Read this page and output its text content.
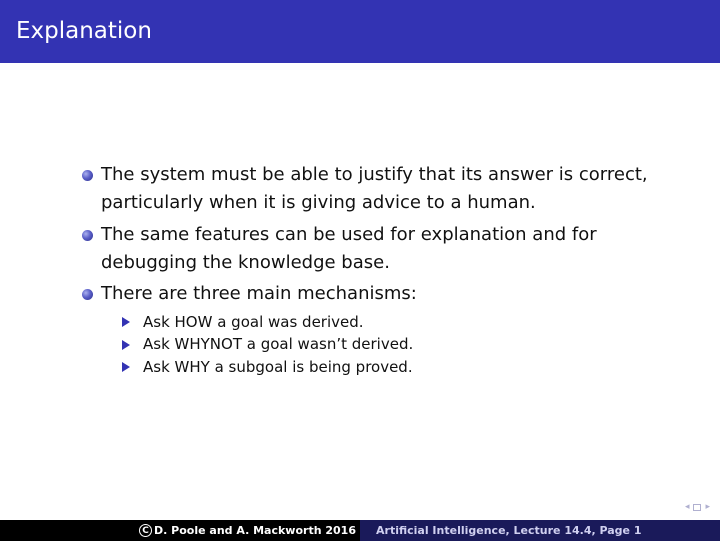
Explanation
The system must be able to justify that its answer is correct,
particularly when it is giving advice to a human.
The same features can be used for explanation and for
debugging the knowledge base.
There are three main mechanisms:
Ask HOW a goal was derived.
Ask WHYNOT a goal wasn’t derived.
Ask WHY a subgoal is being proved.
◂ ▸
C D. Poole and A. Mackworth 2016 Artificial Intelligence, Lecture 14.4, Page 1
